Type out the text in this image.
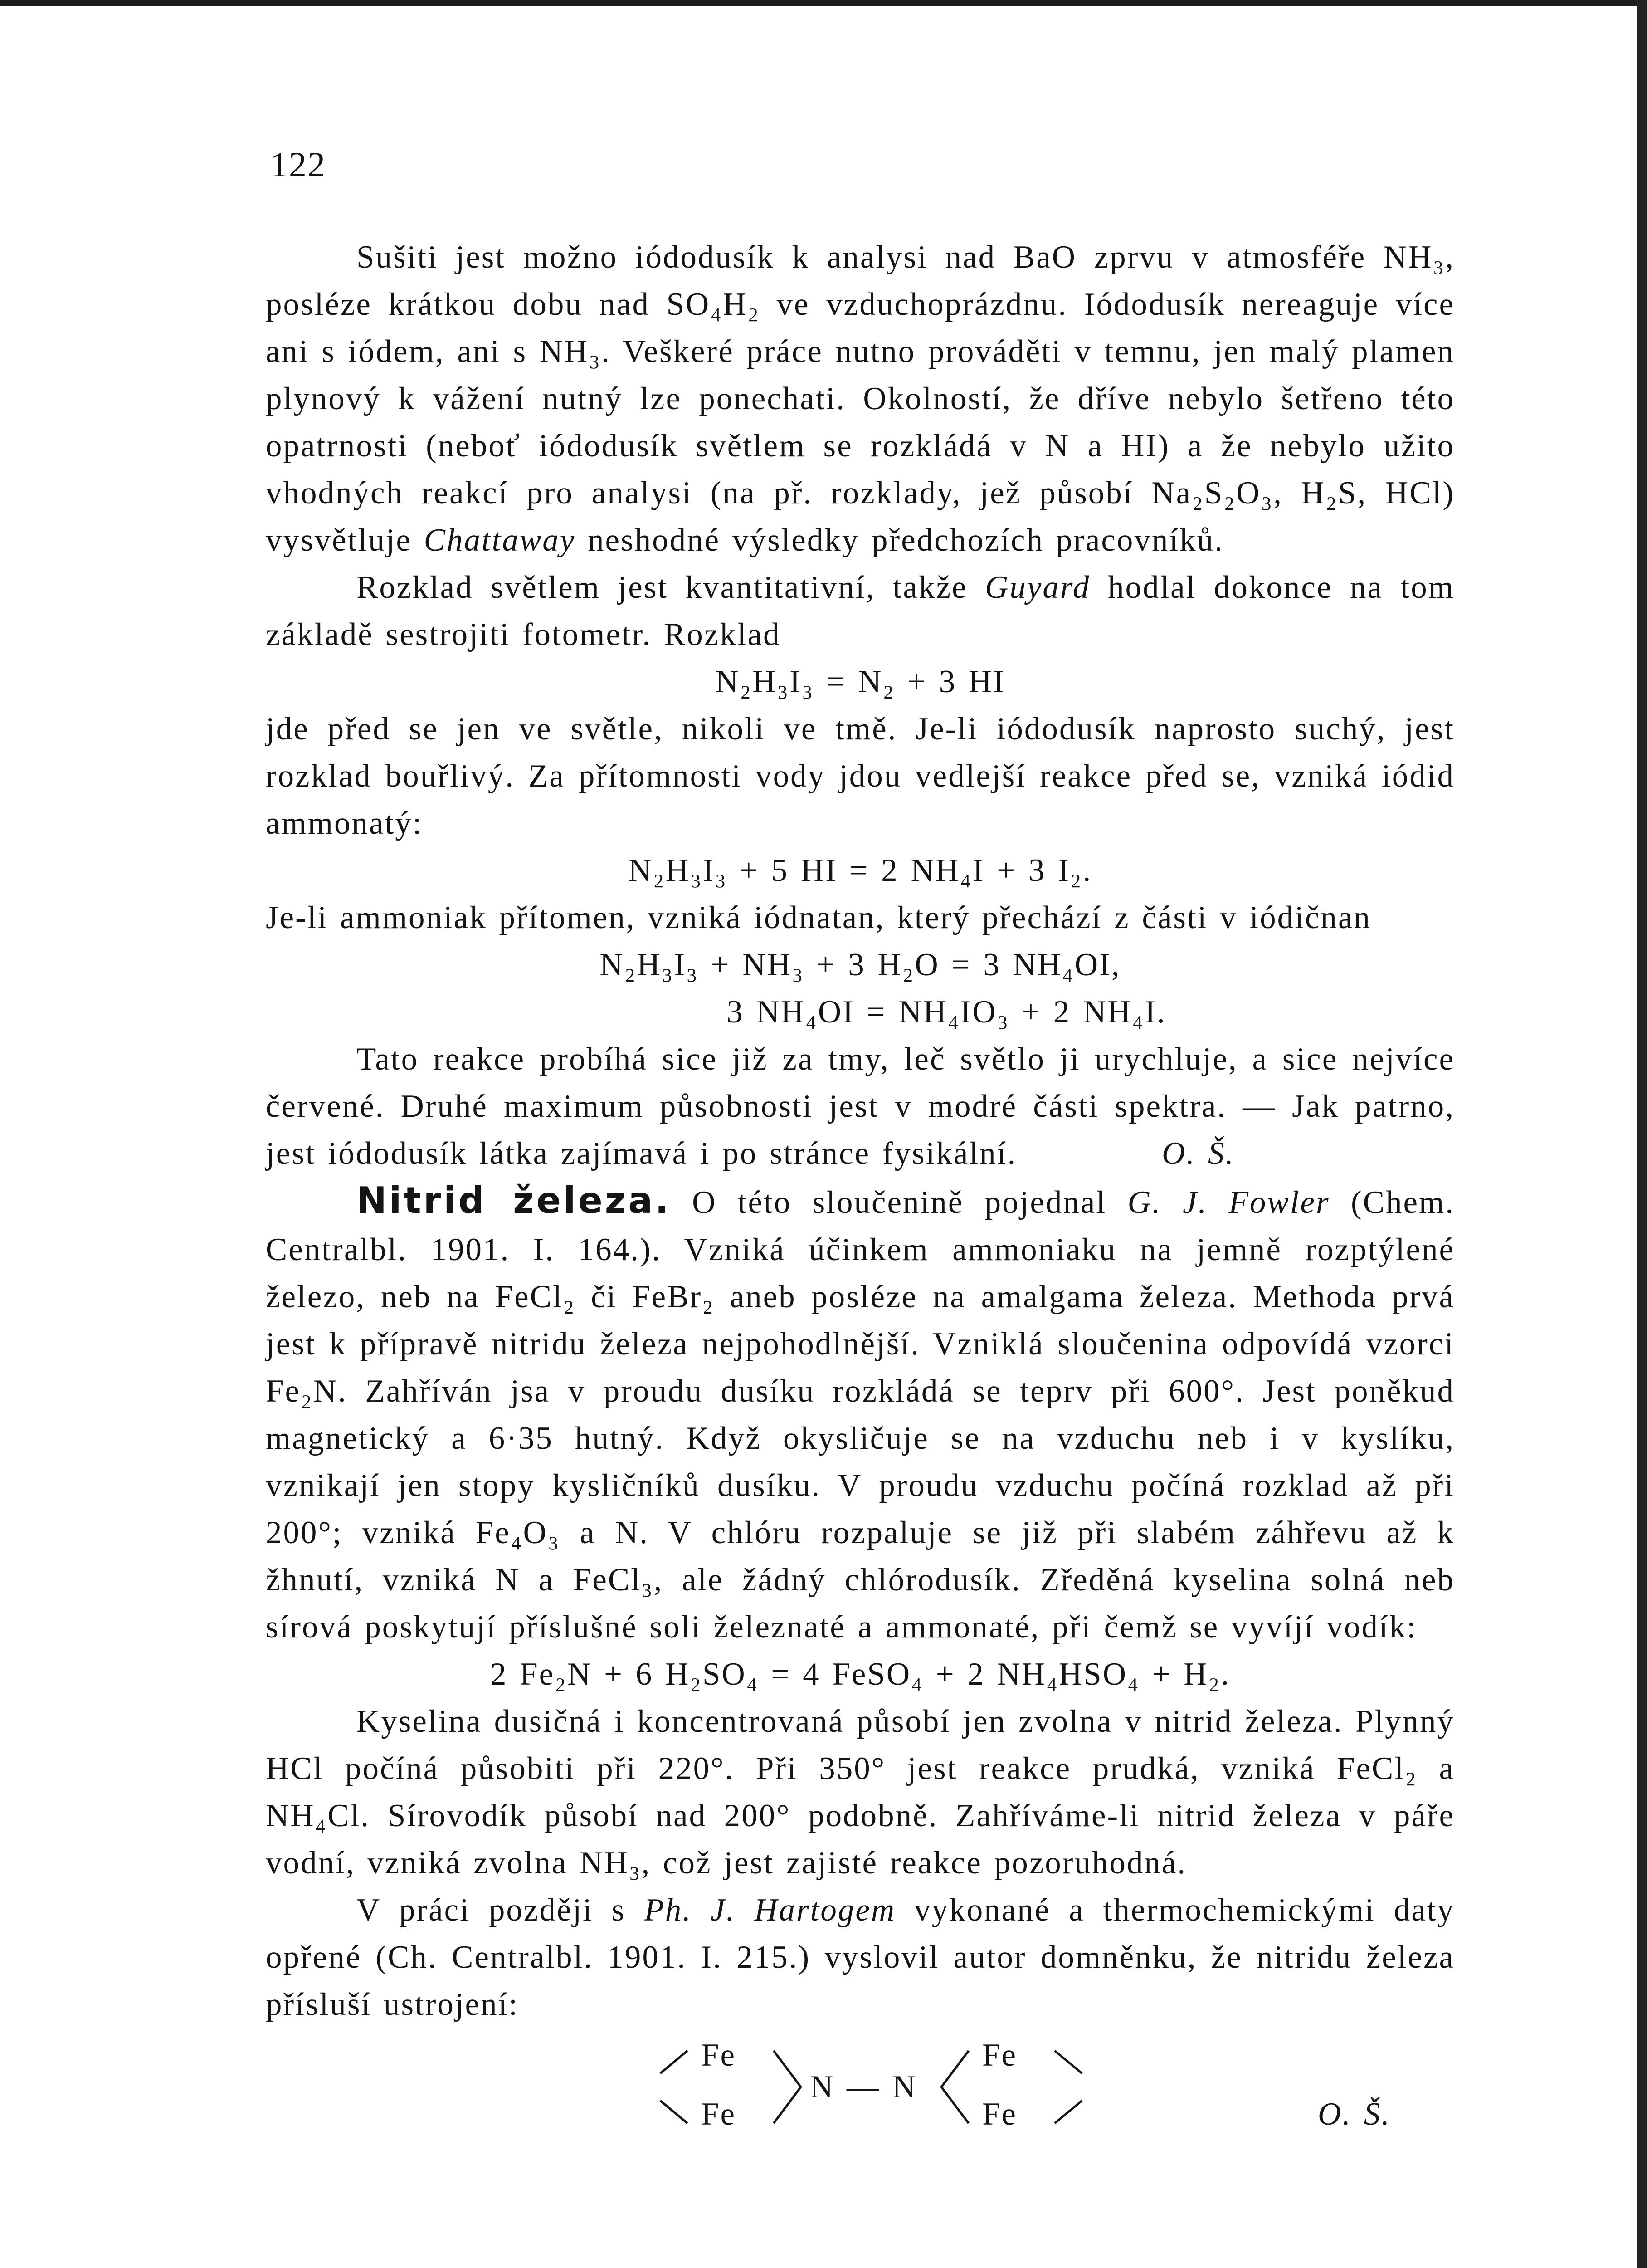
122

Sušiti jest možno iódodusík k analysi nad BaO zprvu v atmosféře NH₃, posléze krátkou dobu nad SO₄H₂ ve vzduchoprázdnu. Iódodusík nereaguje více ani s iódem, ani s NH₃. Veškeré práce nutno prováděti v temnu, jen malý plamen plynový k vážení nutný lze ponechati. Okolností, že dříve nebylo šetřeno této opatrnosti (neboť iódodusík světlem se rozkládá v N a HI) a že nebylo užito vhodných reakcí pro analysi (na př. rozklady, jež působí Na₂S₂O₃, H₂S, HCl) vysvětluje Chattaway neshodné výsledky předchozích pracovníků.

Rozklad světlem jest kvantitativní, takže Guyard hodlal dokonce na tom základě sestrojiti fotometr. Rozklad

N₂H₃I₃ = N₂ + 3 HI

jde před se jen ve světle, nikoli ve tmě. Je-li iódodusík naprosto suchý, jest rozklad bouřlivý. Za přítomnosti vody jdou vedlejší reakce před se, vzniká iódid ammonatý:

N₂H₃I₃ + 5 HI = 2 NH₄I + 3 I₂.

Je-li ammoniak přítomen, vzniká iódnatan, který přechází z části v iódičnan

N₂H₃I₃ + NH₃ + 3 H₂O = 3 NH₄OI,
3 NH₄OI = NH₄IO₃ + 2 NH₄I.

Tato reakce probíhá sice již za tmy, leč světlo ji urychluje, a sice nejvíce červené. Druhé maximum působnosti jest v modré části spektra. — Jak patrno, jest iódodusík látka zajímavá i po stránce fysikální.	O. Š.

Nitrid železa. O této sloučenině pojednal G. J. Fowler (Chem. Centralbl. 1901. I. 164.). Vzniká účinkem ammoniaku na jemně rozptýlené železo, neb na FeCl₂ či FeBr₂ aneb posléze na amalgama železa. Methoda prvá jest k přípravě nitridu železa nejpohodlnější. Vzniklá sloučenina odpovídá vzorci Fe₂N. Zahříván jsa v proudu dusíku rozkládá se teprv při 600°. Jest poněkud magnetický a 6·35 hutný. Když okysličuje se na vzduchu neb i v kyslíku, vznikají jen stopy kysličníků dusíku. V proudu vzduchu počíná rozklad až při 200°; vzniká Fe₄O₃ a N. V chlóru rozpaluje se již při slabém záhřevu až k žhnutí, vzniká N a FeCl₃, ale žádný chlórodusík. Zředěná kyselina solná neb sírová poskytují příslušné soli železnaté a ammonaté, při čemž se vyvíjí vodík:

2 Fe₂N + 6 H₂SO₄ = 4 FeSO₄ + 2 NH₄HSO₄ + H₂.

Kyselina dusičná i koncentrovaná působí jen zvolna v nitrid železa. Plynný HCl počíná působiti při 220°. Při 350° jest reakce prudká, vzniká FeCl₂ a NH₄Cl. Sírovodík působí nad 200° podobně. Zahříváme-li nitrid železa v páře vodní, vzniká zvolna NH₃, což jest zajisté reakce pozoruhodná.

V práci později s Ph. J. Hartogem vykonané a thermochemickými daty opřené (Ch. Centralbl. 1901. I. 215.) vyslovil autor domněnku, že nitridu železa přísluší ustrojení:

Fe
Fe
N — N
Fe
Fe	O. Š.
